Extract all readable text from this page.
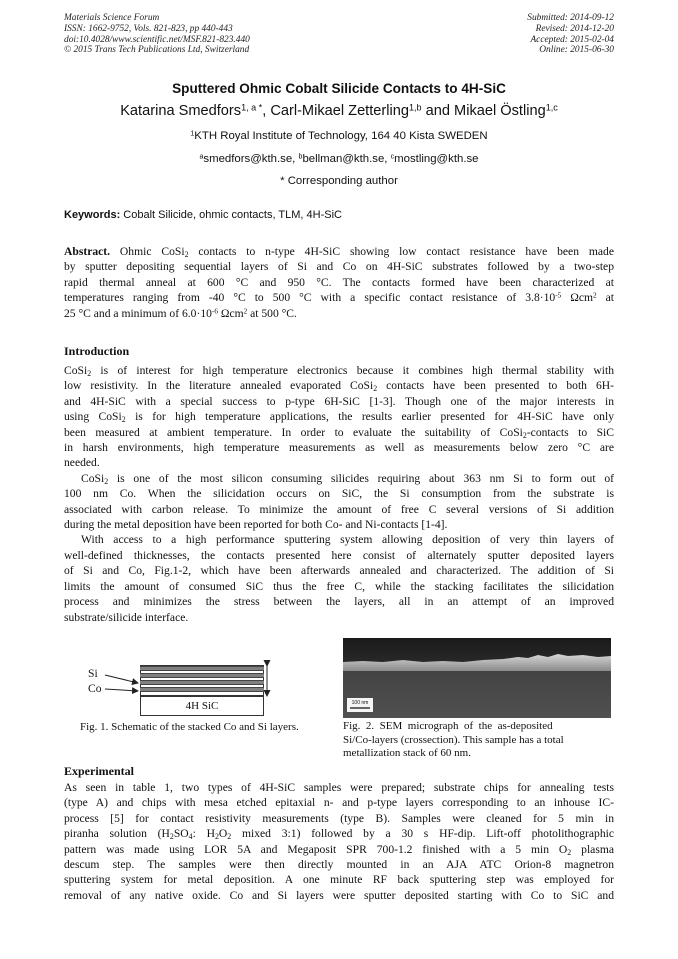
Materials Science Forum
ISSN: 1662-9752, Vols. 821-823, pp 440-443
doi:10.4028/www.scientific.net/MSF.821-823.440
© 2015 Trans Tech Publications Ltd, Switzerland
Submitted: 2014-09-12
Revised: 2014-12-20
Accepted: 2015-02-04
Online: 2015-06-30
Sputtered Ohmic Cobalt Silicide Contacts to 4H-SiC
Katarina Smedfors$^{1, a *}$, Carl-Mikael Zetterling$^{1,b}$ and Mikael Östling$^{1,c}$
$^1$KTH Royal Institute of Technology, 164 40 Kista SWEDEN
$^a$smedfors@kth.se, $^b$bellman@kth.se, $^c$mostling@kth.se
* Corresponding author
Keywords: Cobalt Silicide, ohmic contacts, TLM, 4H-SiC
Abstract. Ohmic CoSi$_2$ contacts to n-type 4H-SiC showing low contact resistance have been made
by sputter depositing sequential layers of Si and Co on 4H-SiC substrates followed by a two-step
rapid thermal anneal at 600 °C and 950 °C. The contacts formed have been characterized at
temperatures ranging from -40 °C to 500 °C with a specific contact resistance of $3.8\cdot 10^{-5}$ Ωcm$^2$ at
25 °C and a minimum of $6.0\cdot 10^{-6}$ Ωcm$^2$ at 500 °C.
Introduction
CoSi$_2$ is of interest for high temperature electronics because it combines high thermal stability with
low resistivity. In the literature annealed evaporated CoSi$_2$ contacts have been presented to both 6H-
and 4H-SiC with a special success to p-type 6H-SiC [1-3]. Though one of the major interests in
using CoSi$_2$ is for high temperature applications, the results earlier presented for 4H-SiC have only
been measured at ambient temperature. In order to evaluate the suitability of CoSi$_2$-contacts to SiC
in harsh environments, high temperature measurements as well as measurements below zero °C are
needed.
CoSi$_2$ is one of the most silicon consuming silicides requiring about 363 nm Si to form out of
100 nm Co. When the silicidation occurs on SiC, the Si consumption from the substrate is
associated with carbon release. To minimize the amount of free C several versions of Si addition
during the metal deposition have been reported for both Co- and Ni-contacts [1-4].
With access to a high performance sputtering system allowing deposition of very thin layers of
well-defined thicknesses, the contacts presented here consist of alternately sputter deposited layers
of Si and Co, Fig.1-2, which have been afterwards annealed and characterized. The addition of Si
limits the amount of consumed SiC thus the free C, while the stacking facilitates the silicidation
process and minimizes the stress between the layers, all in an attempt of an improved
substrate/silicide interface.
4H SiC
Si
Co
Fig. 1. Schematic of the stacked Co and Si layers.
100 nm
Fig.  2.  SEM  micrograph  of  the  as-deposited
Si/Co-layers (crossection). This sample has a total
metallization stack of 60 nm.
Experimental
As seen in table 1, two types of 4H-SiC samples were prepared; substrate chips for annealing tests
(type A) and chips with mesa etched epitaxial n- and p-type layers corresponding to an inhouse IC-
process [5] for contact resistivity measurements (type B). Samples were cleaned for 5 min in
piranha solution ($H_2SO_4$: $H_2O_2$ mixed 3:1) followed by a 30 s HF-dip. Lift-off photolithographic
pattern was made using LOR 5A and Megaposit SPR 700-1.2 finished with a 5 $\min O_2$ plasma
descum step. The samples were then directly mounted in an AJA ATC Orion-8 magnetron
sputtering system for metal deposition. A one minute RF back sputtering step was employed for
removal of any native oxide. Co and Si layers were sputter deposited starting with Co to SiC and
